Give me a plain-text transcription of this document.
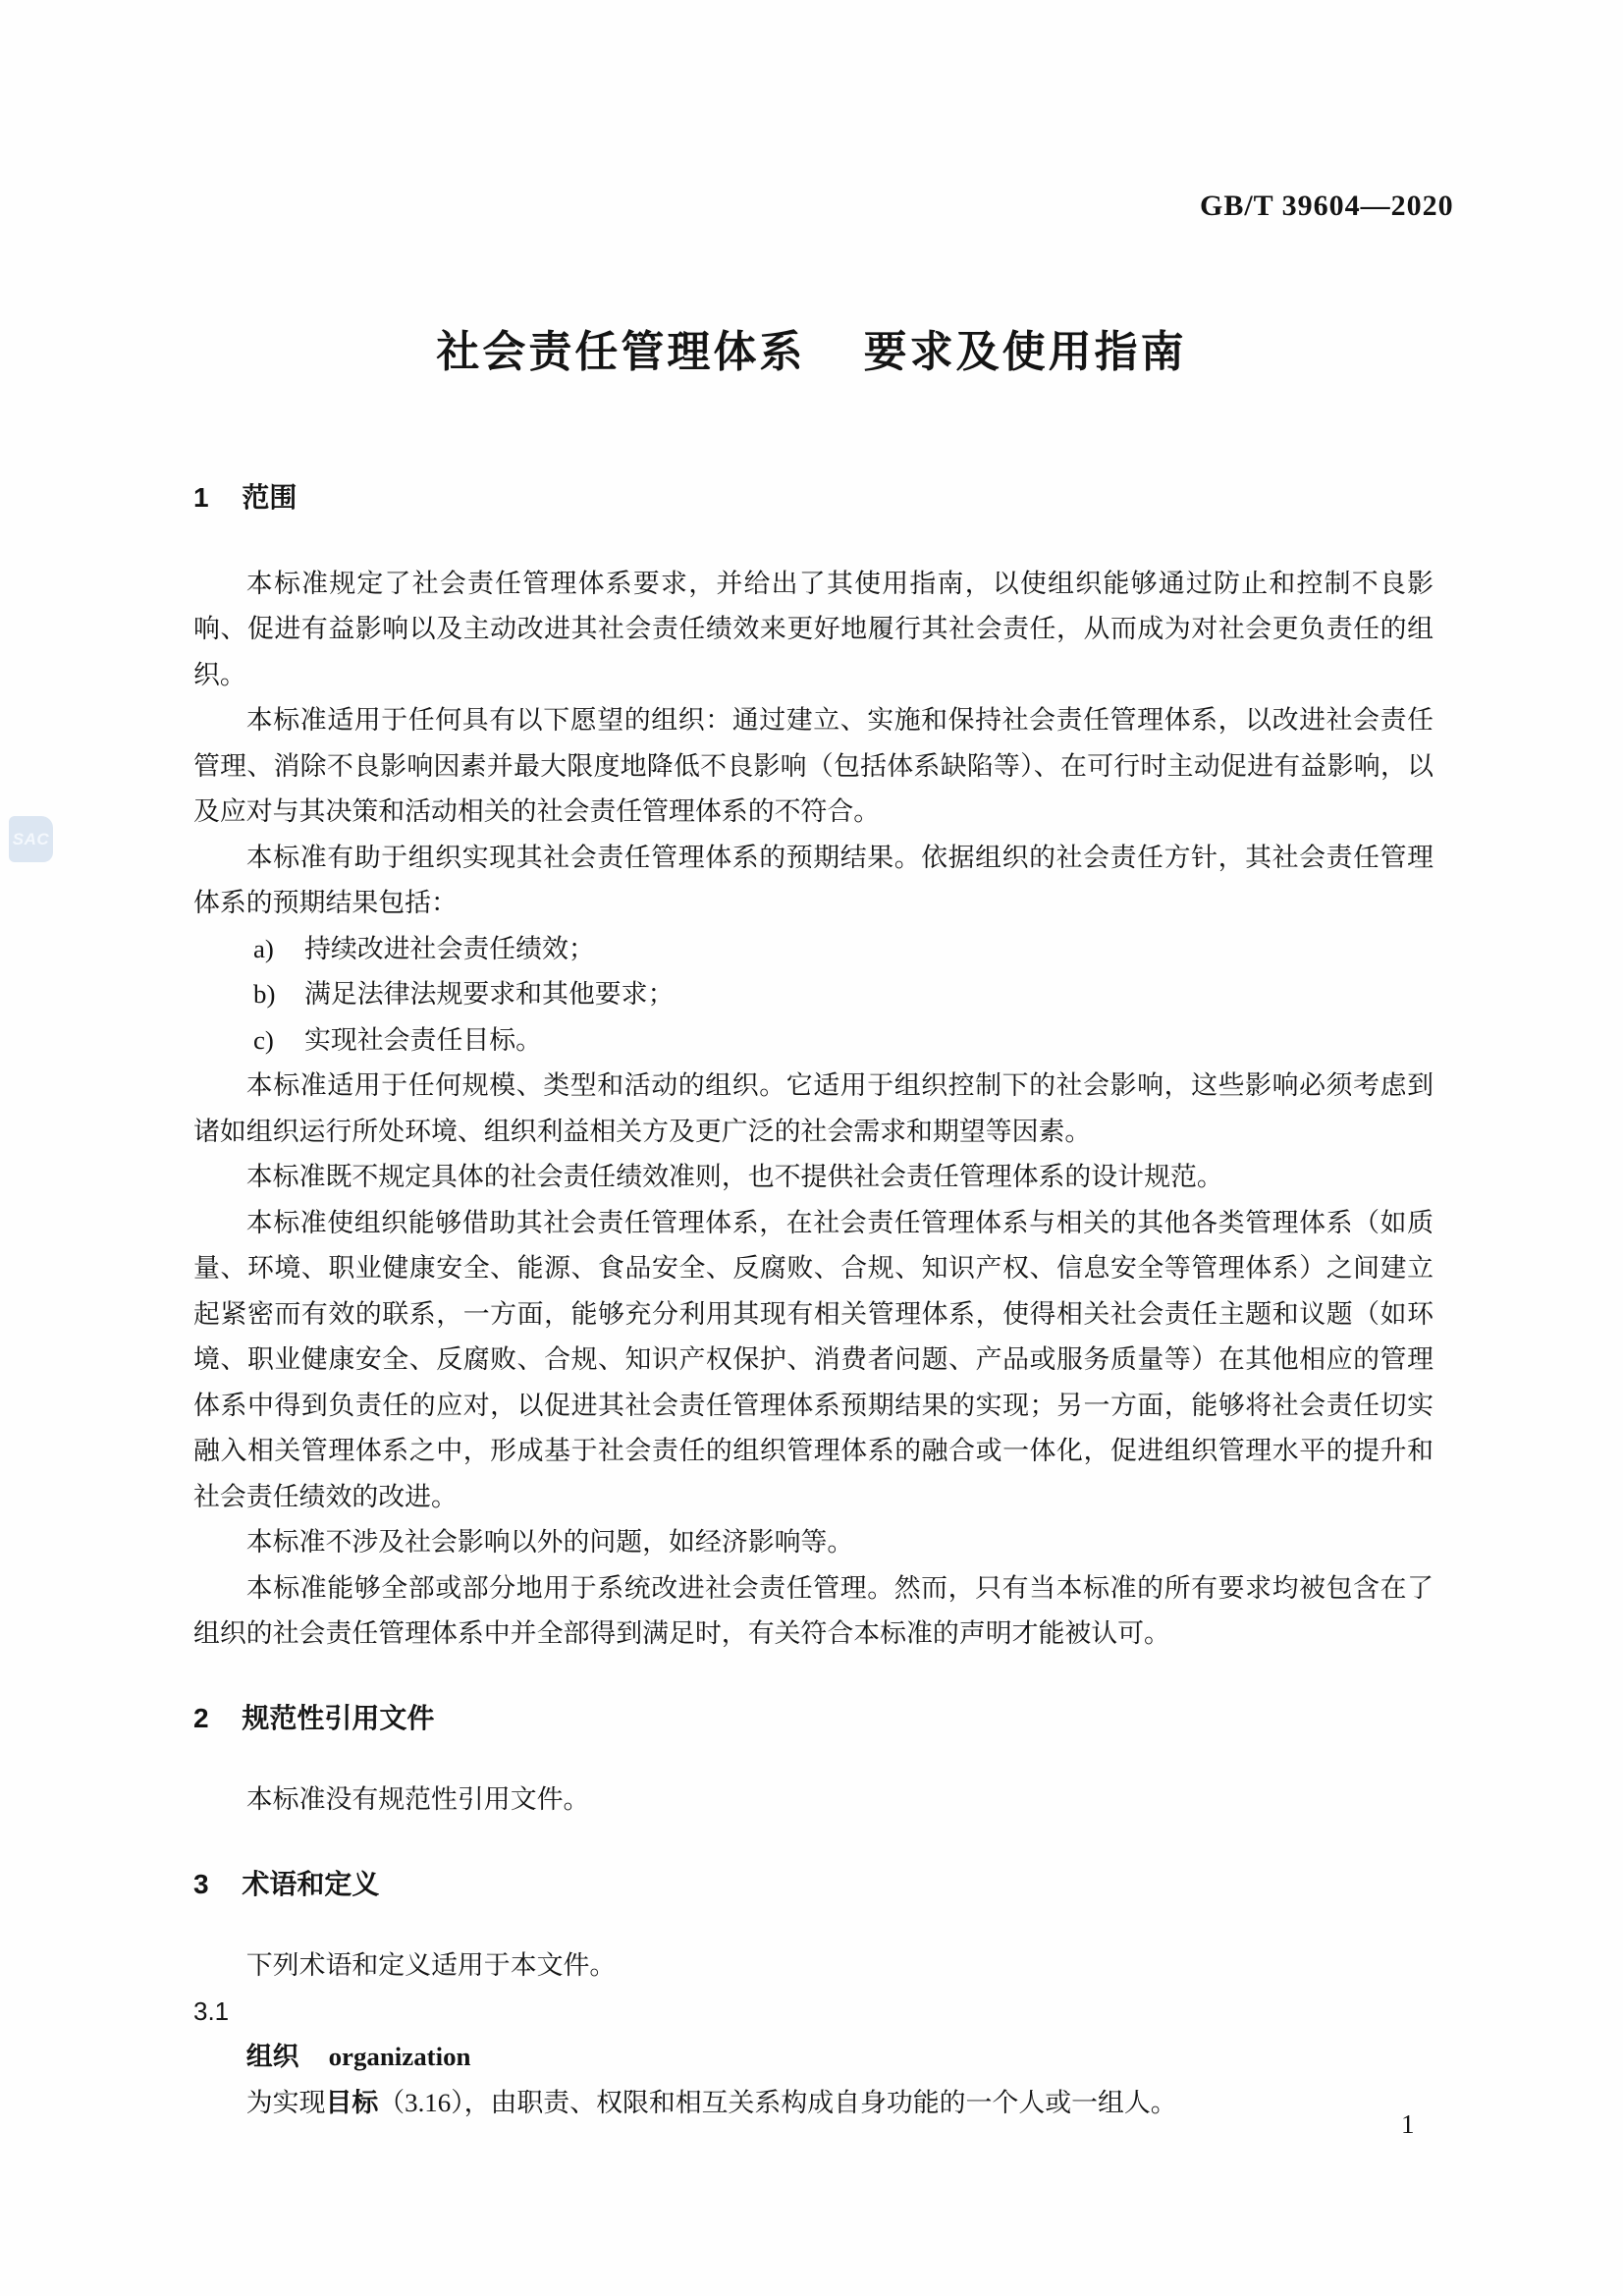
GB/T 39604—2020
SAC
社会责任管理体系 要求及使用指南
1 范围

本标准规定了社会责任管理体系要求，并给出了其使用指南，以使组织能够通过防止和控制不良影响、促进有益影响以及主动改进其社会责任绩效来更好地履行其社会责任，从而成为对社会更负责任的组织。

本标准适用于任何具有以下愿望的组织：通过建立、实施和保持社会责任管理体系，以改进社会责任管理、消除不良影响因素并最大限度地降低不良影响（包括体系缺陷等）、在可行时主动促进有益影响，以及应对与其决策和活动相关的社会责任管理体系的不符合。

本标准有助于组织实现其社会责任管理体系的预期结果。依据组织的社会责任方针，其社会责任管理体系的预期结果包括：

a) 持续改进社会责任绩效；
b) 满足法律法规要求和其他要求；
c) 实现社会责任目标。

本标准适用于任何规模、类型和活动的组织。它适用于组织控制下的社会影响，这些影响必须考虑到诸如组织运行所处环境、组织利益相关方及更广泛的社会需求和期望等因素。

本标准既不规定具体的社会责任绩效准则，也不提供社会责任管理体系的设计规范。

本标准使组织能够借助其社会责任管理体系，在社会责任管理体系与相关的其他各类管理体系（如质量、环境、职业健康安全、能源、食品安全、反腐败、合规、知识产权、信息安全等管理体系）之间建立起紧密而有效的联系，一方面，能够充分利用其现有相关管理体系，使得相关社会责任主题和议题（如环境、职业健康安全、反腐败、合规、知识产权保护、消费者问题、产品或服务质量等）在其他相应的管理体系中得到负责任的应对，以促进其社会责任管理体系预期结果的实现；另一方面，能够将社会责任切实融入相关管理体系之中，形成基于社会责任的组织管理体系的融合或一体化，促进组织管理水平的提升和社会责任绩效的改进。

本标准不涉及社会影响以外的问题，如经济影响等。

本标准能够全部或部分地用于系统改进社会责任管理。然而，只有当本标准的所有要求均被包含在了组织的社会责任管理体系中并全部得到满足时，有关符合本标准的声明才能被认可。

2 规范性引用文件

本标准没有规范性引用文件。

3 术语和定义

下列术语和定义适用于本文件。

3.1

组织 organization

为实现目标（3.16），由职责、权限和相互关系构成自身功能的一个人或一组人。

1
